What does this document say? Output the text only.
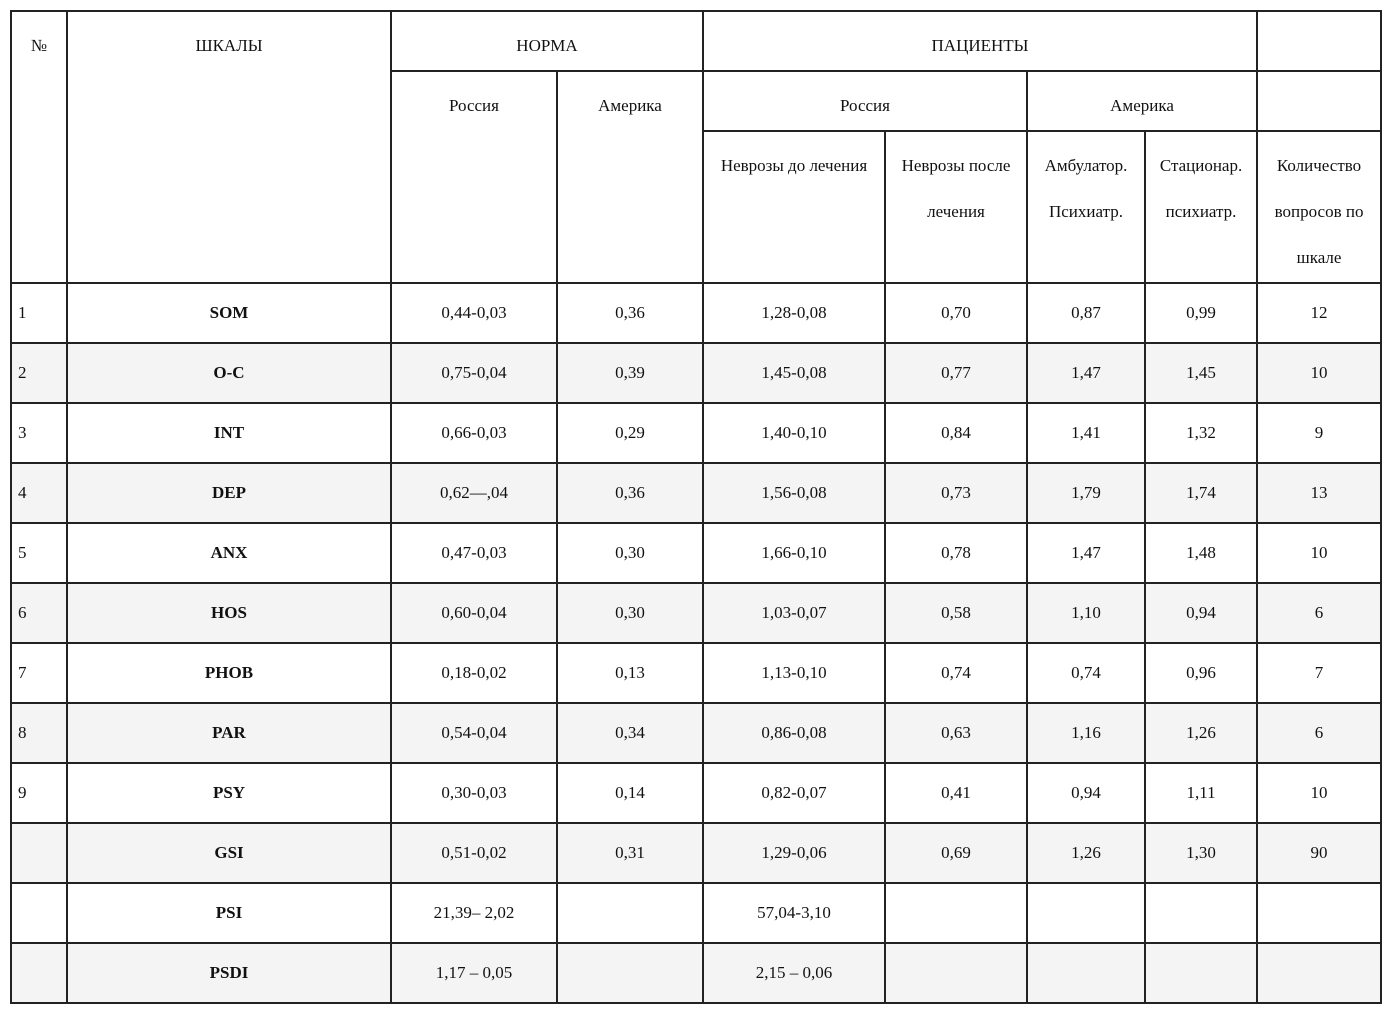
№	ШКАЛЫ	НОРМА		ПАЦИЕНТЫ				

		Россия	Америка	Россия		Америка		

				Неврозы до лечения	Неврозы после лечения	Амбулатор. Психиатр.	Стационар. психиатр.	Количество вопросов по шкале

1	SOM	0,44-0,03	0,36	1,28-0,08	0,70	0,87	0,99	12
2	O-C	0,75-0,04	0,39	1,45-0,08	0,77	1,47	1,45	10
3	INT	0,66-0,03	0,29	1,40-0,10	0,84	1,41	1,32	9
4	DEP	0,62—,04	0,36	1,56-0,08	0,73	1,79	1,74	13
5	ANX	0,47-0,03	0,30	1,66-0,10	0,78	1,47	1,48	10
6	HOS	0,60-0,04	0,30	1,03-0,07	0,58	1,10	0,94	6
7	PHOB	0,18-0,02	0,13	1,13-0,10	0,74	0,74	0,96	7
8	PAR	0,54-0,04	0,34	0,86-0,08	0,63	1,16	1,26	6
9	PSY	0,30-0,03	0,14	0,82-0,07	0,41	0,94	1,11	10
	GSI	0,51-0,02	0,31	1,29-0,06	0,69	1,26	1,30	90
	PSI	21,39– 2,02		57,04-3,10				
	PSDI	1,17 – 0,05		2,15 – 0,06				
